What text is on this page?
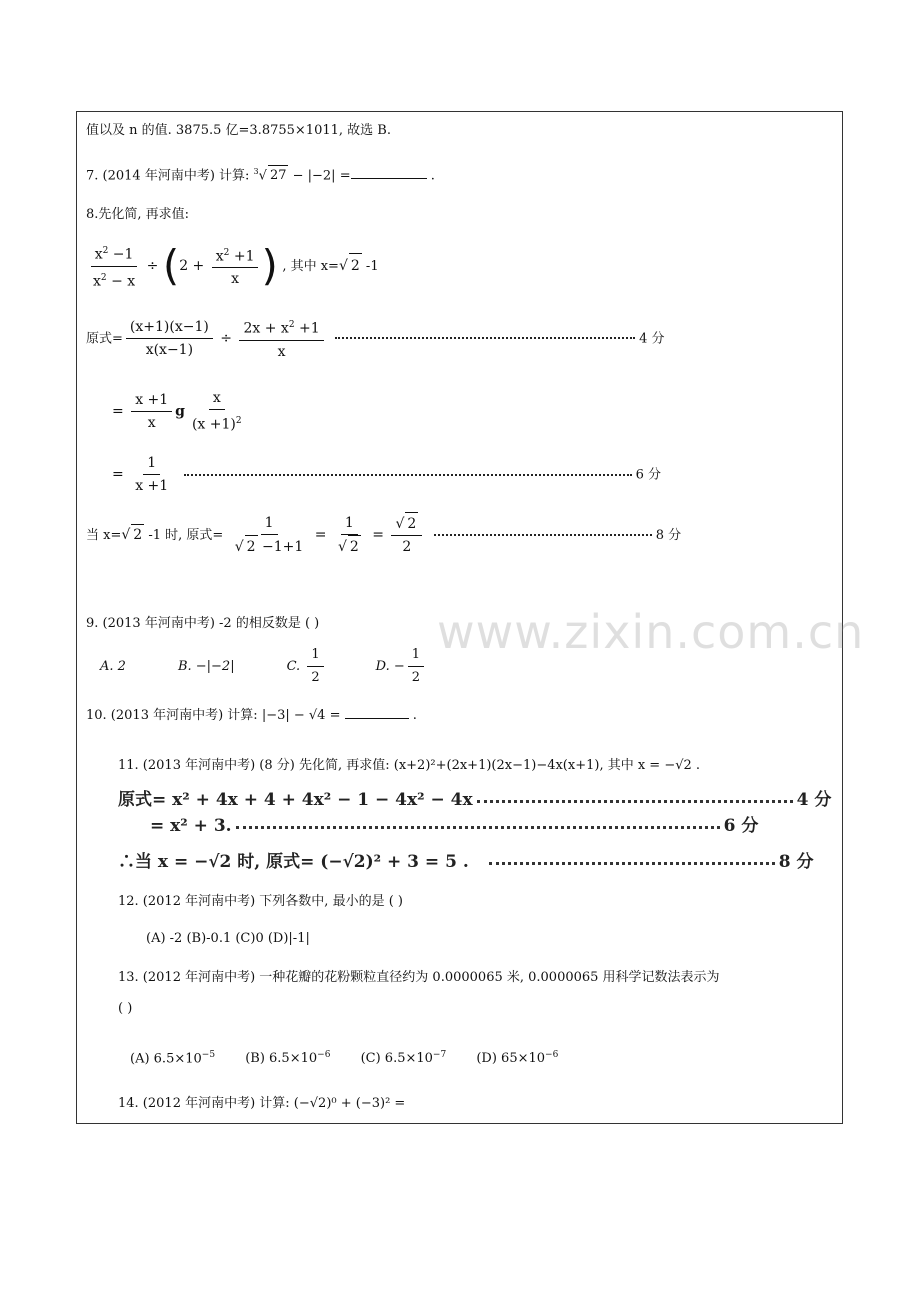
www.zixin.com.cn
值以及 n 的值. 3875.5 亿=3.8755×1011, 故选 B.
7. (2014 年河南中考) 计算: $^3$√ 27 − |−2| =	.
8.先化简, 再求值:
$\frac{x^2 -1}{x^2 - x} \div (2 + \frac{x^2 +1}{x}$ ) , 其中 x=√ 2 -1
原式= $\frac{(x+1)(x-1)}{x(x-1)} \div \frac{2x + x^2 +1}{x}$	4 分
= $\frac{x +1}{x}$ g $\frac{x}{(x +1)^2}$
= $\frac{1}{x +1}$	6 分
当 x=√ 2 -1 时, 原式= $\frac{1}{√ 2 -1+1} = \frac{1}{√ 2} = \frac{√ 2}{2}$	8 分
9. (2013 年河南中考) -2 的相反数是 ( )
A. 2	B. −|−2|	C. $\frac{1}{2}$	D. − $\frac{1}{2}$
10. (2013 年河南中考) 计算: |−3| − √4 =	.
11. (2013 年河南中考) (8 分) 先化简, 再求值: (x+2)²+(2x+1)(2x−1)−4x(x+1), 其中 x = −√2 .
原式= x² + 4x + 4 + 4x² − 1 − 4x² − 4x	4 分
= x² + 3.	6 分
∴当 x = −√2 时, 原式= (−√2)² + 3 = 5 .	8 分
12. (2012 年河南中考) 下列各数中, 最小的是 ( )
(A) -2 (B)-0.1 (C)0 (D)|-1|
13. (2012 年河南中考) 一种花瓣的花粉颗粒直径约为 0.0000065 米, 0.0000065 用科学记数法表示为
( )
(A) $6.5\times 10^{-5}$ (B) $6.5\times 10^{-6}$ (C) $6.5\times 10^{-7}$ (D) $65\times 10^{-6}$
14. (2012 年河南中考) 计算: (−√2)⁰ + (−3)² =
